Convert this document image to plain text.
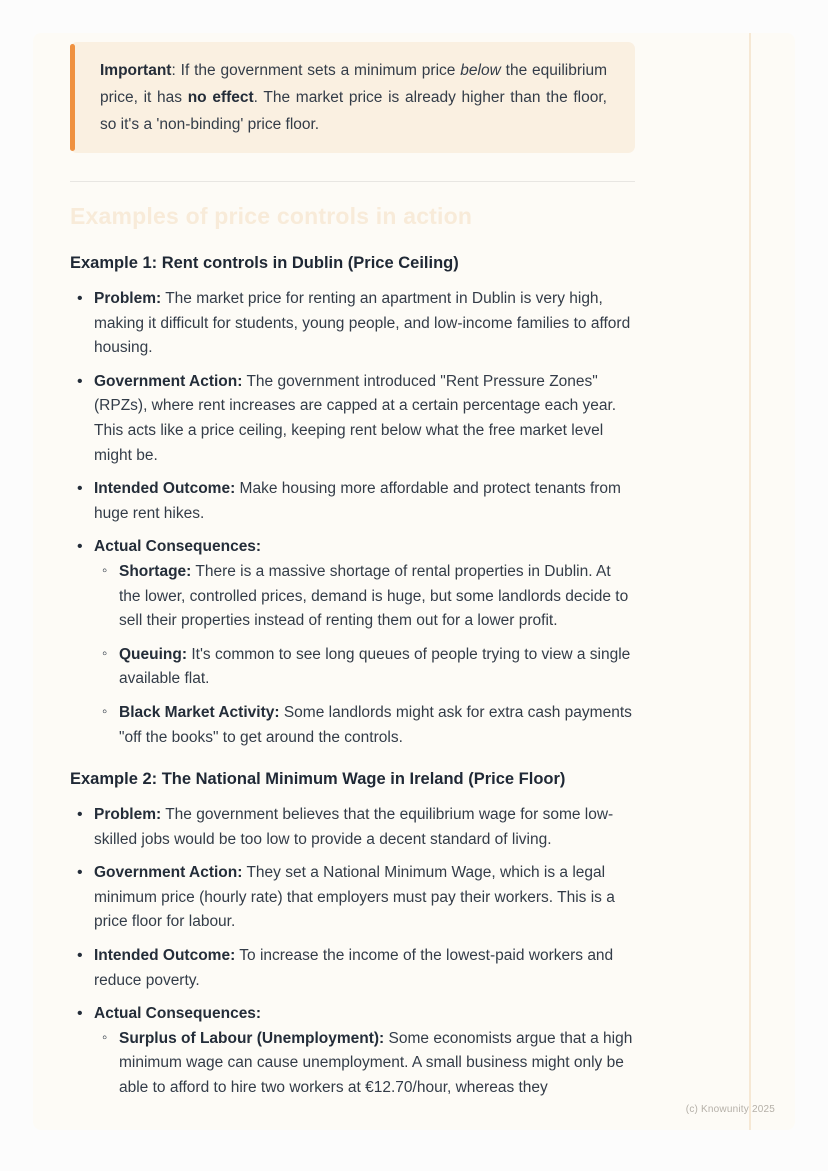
Important: If the government sets a minimum price below the equilibrium price, it has no effect. The market price is already higher than the floor, so it's a 'non-binding' price floor.
Examples of price controls in action
Example 1: Rent controls in Dublin (Price Ceiling)
• Problem: The market price for renting an apartment in Dublin is very high, making it difficult for students, young people, and low-income families to afford housing.
• Government Action: The government introduced "Rent Pressure Zones" (RPZs), where rent increases are capped at a certain percentage each year. This acts like a price ceiling, keeping rent below what the free market level might be.
• Intended Outcome: Make housing more affordable and protect tenants from huge rent hikes.
• Actual Consequences:
◦ Shortage: There is a massive shortage of rental properties in Dublin. At the lower, controlled prices, demand is huge, but some landlords decide to sell their properties instead of renting them out for a lower profit.
◦ Queuing: It's common to see long queues of people trying to view a single available flat.
◦ Black Market Activity: Some landlords might ask for extra cash payments "off the books" to get around the controls.
Example 2: The National Minimum Wage in Ireland (Price Floor)
• Problem: The government believes that the equilibrium wage for some low-skilled jobs would be too low to provide a decent standard of living.
• Government Action: They set a National Minimum Wage, which is a legal minimum price (hourly rate) that employers must pay their workers. This is a price floor for labour.
• Intended Outcome: To increase the income of the lowest-paid workers and reduce poverty.
• Actual Consequences:
◦ Surplus of Labour (Unemployment): Some economists argue that a high minimum wage can cause unemployment. A small business might only be able to afford to hire two workers at €12.70/hour, whereas they
(c) Knowunity 2025
